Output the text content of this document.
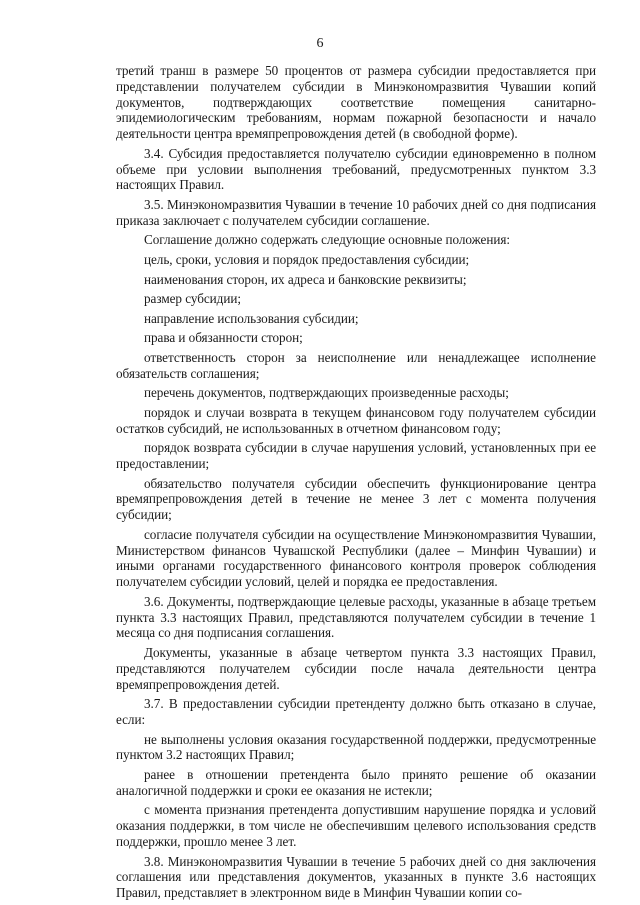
6

третий транш в размере 50 процентов от размера субсидии предоставляется при представлении получателем субсидии в Минэкономразвития Чувашии копий документов, подтверждающих соответствие помещения санитарно-эпидемиологическим требованиям, нормам пожарной безопасности и начало деятельности центра времяпрепровождения детей (в свободной форме).

3.4. Субсидия предоставляется получателю субсидии единовременно в полном объеме при условии выполнения требований, предусмотренных пунктом 3.3 настоящих Правил.

3.5. Минэкономразвития Чувашии в течение 10 рабочих дней со дня подписания приказа заключает с получателем субсидии соглашение.

Соглашение должно содержать следующие основные положения:

цель, сроки, условия и порядок предоставления субсидии;

наименования сторон, их адреса и банковские реквизиты;

размер субсидии;

направление использования субсидии;

права и обязанности сторон;

ответственность сторон за неисполнение или ненадлежащее исполнение обязательств соглашения;

перечень документов, подтверждающих произведенные расходы;

порядок и случаи возврата в текущем финансовом году получателем субсидии остатков субсидий, не использованных в отчетном финансовом году;

порядок возврата субсидии в случае нарушения условий, установленных при ее предоставлении;

обязательство получателя субсидии обеспечить функционирование центра времяпрепровождения детей в течение не менее 3 лет с момента получения субсидии;

согласие получателя субсидии на осуществление Минэкономразвития Чувашии, Министерством финансов Чувашской Республики (далее – Минфин Чувашии) и иными органами государственного финансового контроля проверок соблюдения получателем субсидии условий, целей и порядка ее предоставления.

3.6. Документы, подтверждающие целевые расходы, указанные в абзаце третьем пункта 3.3 настоящих Правил, представляются получателем субсидии в течение 1 месяца со дня подписания соглашения.

Документы, указанные в абзаце четвертом пункта 3.3 настоящих Правил, представляются получателем субсидии после начала деятельности центра времяпрепровождения детей.

3.7. В предоставлении субсидии претенденту должно быть отказано в случае, если:

не выполнены условия оказания государственной поддержки, предусмотренные пунктом 3.2 настоящих Правил;

ранее в отношении претендента было принято решение об оказании аналогичной поддержки и сроки ее оказания не истекли;

с момента признания претендента допустившим нарушение порядка и условий оказания поддержки, в том числе не обеспечившим целевого использования средств поддержки, прошло менее 3 лет.

3.8. Минэкономразвития Чувашии в течение 5 рабочих дней со дня заключения соглашения или представления документов, указанных в пункте 3.6 настоящих Правил, представляет в электронном виде в Минфин Чувашии копии со-
